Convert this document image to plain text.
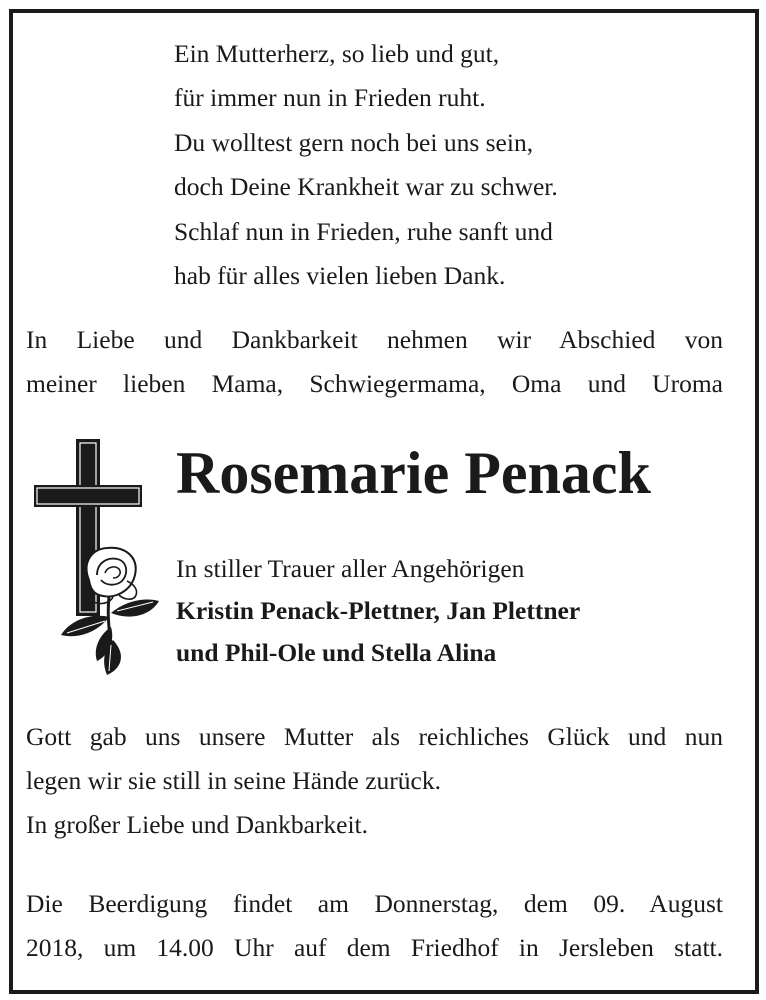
Ein Mutterherz, so lieb und gut,
für immer nun in Frieden ruht.
Du wolltest gern noch bei uns sein,
doch Deine Krankheit war zu schwer.
Schlaf nun in Frieden, ruhe sanft und
hab für alles vielen lieben Dank.
In Liebe und Dankbarkeit nehmen wir Abschied von
meiner lieben Mama, Schwiegermama, Oma und Uroma
Rosemarie Penack
In stiller Trauer aller Angehörigen
Kristin Penack-Plettner, Jan Plettner
und Phil-Ole und Stella Alina
Gott gab uns unsere Mutter als reichliches Glück und nun
legen wir sie still in seine Hände zurück.
In großer Liebe und Dankbarkeit.
Die Beerdigung findet am Donnerstag, dem 09. August
2018, um 14.00 Uhr auf dem Friedhof in Jersleben statt.
